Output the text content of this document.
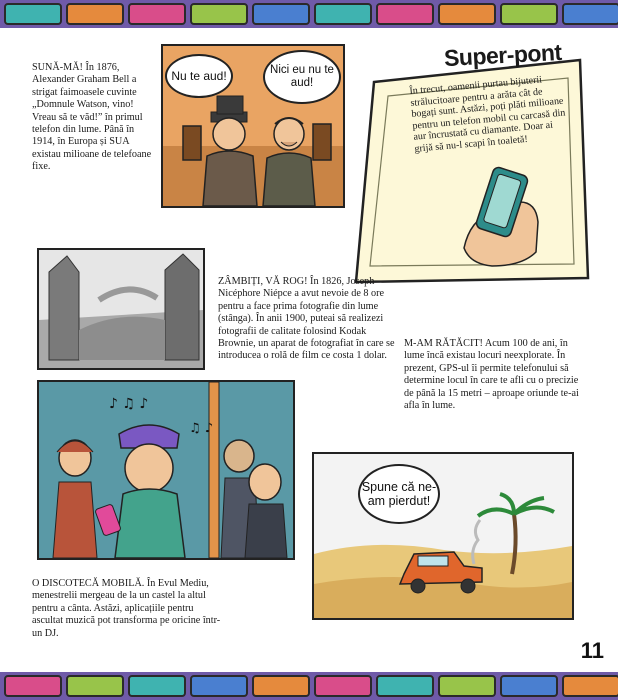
SUNĂ-MĂ! În 1876, Alexander Graham Bell a strigat faimoasele cuvinte „Domnule Watson, vino! Vreau să te văd!” în primul telefon din lume. Până în 1914, în Europa și SUA existau milioane de telefoane fixe.
Nu te aud!	Nici eu nu te aud!
Super-pont
În trecut, oamenii purtau bijuterii strălucitoare pentru a arăta cât de bogați sunt. Astăzi, poți plăti milioane pentru un telefon mobil cu carcasă din aur încrustată cu diamante. Doar ai grijă să nu-l scapi în toaletă!
ZÂMBIȚI, VĂ ROG! În 1826, Joseph Nicéphore Niépce a avut nevoie de 8 ore pentru a face prima fotografie din lume (stânga). În anii 1900, puteai să realizezi fotografii de calitate folosind Kodak Brownie, un aparat de fotografiat în care se introducea o rolă de film ce costa 1 dolar.
M-AM RĂTĂCIT! Acum 100 de ani, în lume încă existau locuri neexplorate. În prezent, GPS-ul îi permite telefonului să determine locul în care te afli cu o precizie de până la 15 metri – aproape oriunde te-ai afla în lume.
♪ ♫ ♪
♫ ♪
Spune că ne-am pierdut!
O DISCOTECĂ MOBILĂ. În Evul Mediu, menestrelii mergeau de la un castel la altul pentru a cânta. Astăzi, aplicațiile pentru ascultat muzică pot transforma pe oricine într-un DJ.
11
